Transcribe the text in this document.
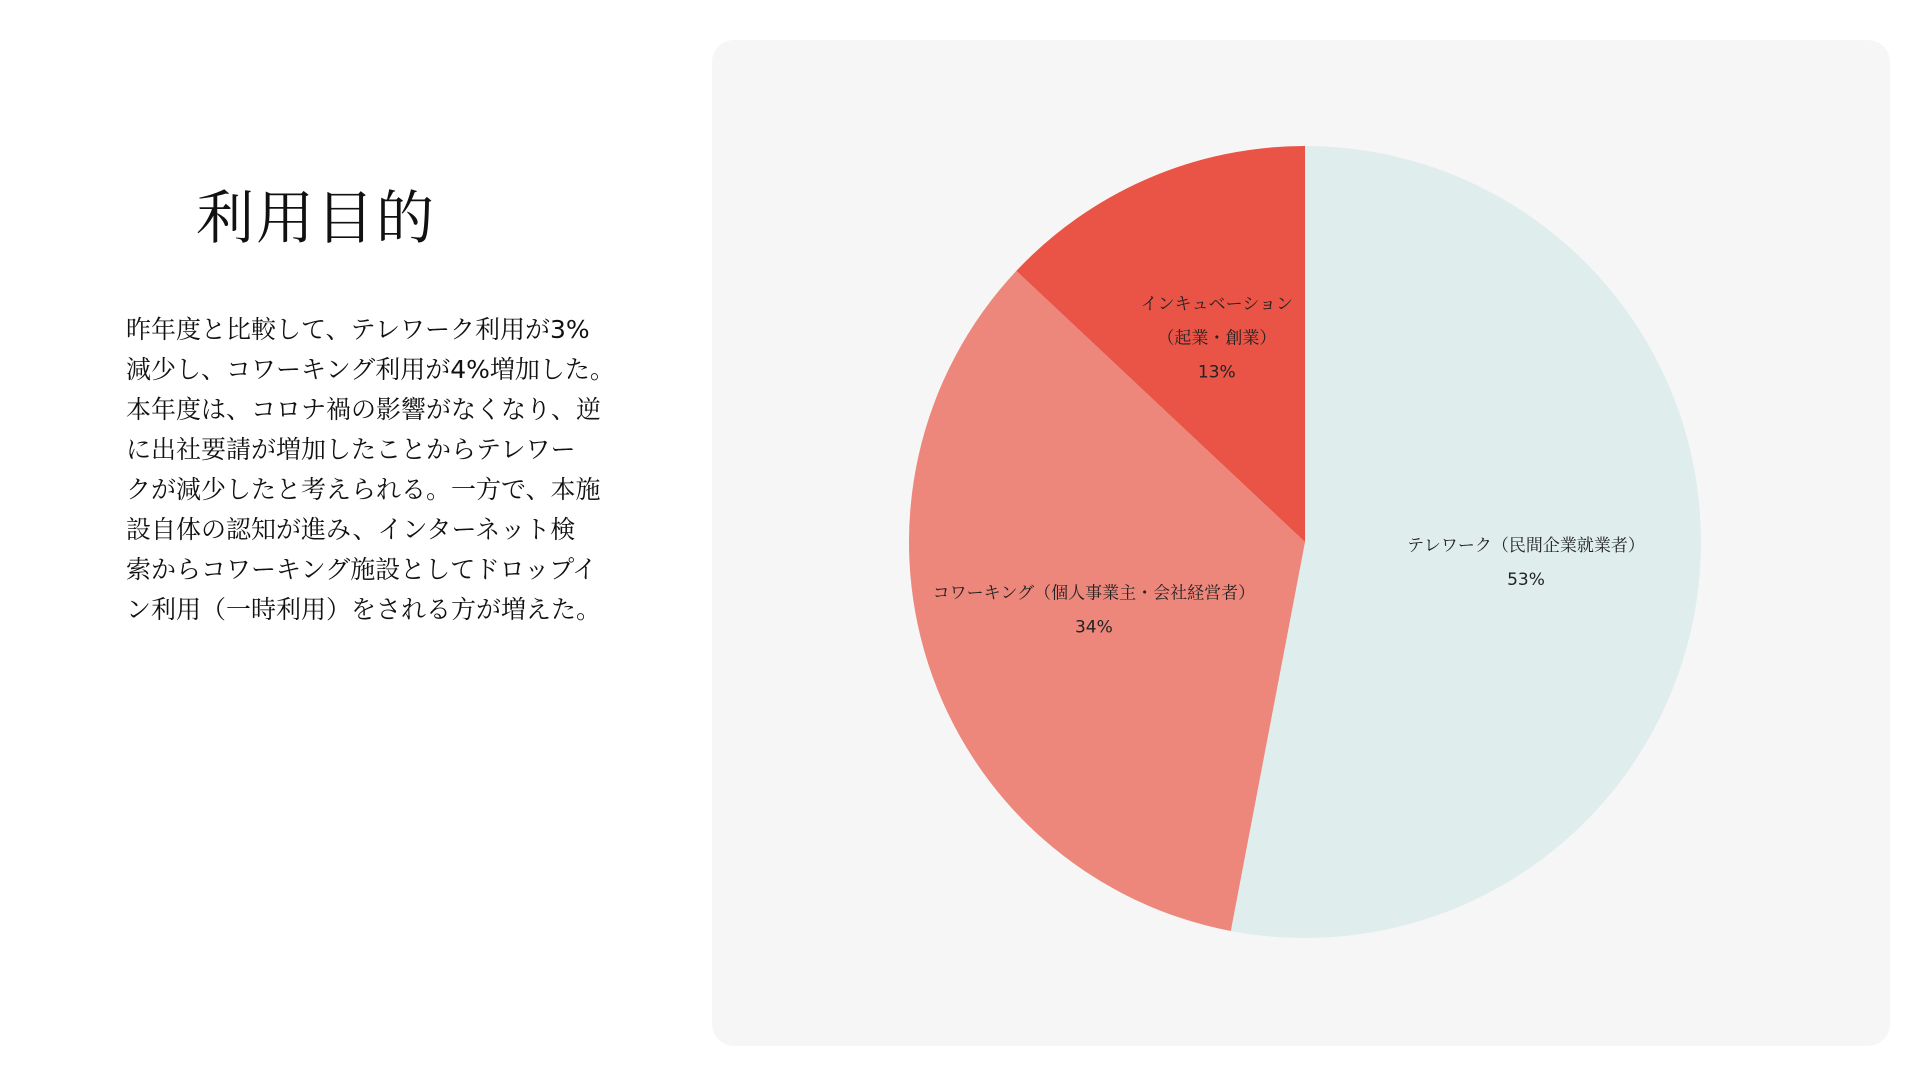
利用目的

昨年度と比較して、テレワーク利用が3%
減少し、コワーキング利用が4%増加した。
本年度は、コロナ禍の影響がなくなり、逆
に出社要請が増加したことからテレワー
クが減少したと考えられる。一方で、本施
設自体の認知が進み、インターネット検
索からコワーキング施設としてドロップイ
ン利用（一時利用）をされる方が増えた。

テレワーク（民間企業就業者）
53%
コワーキング（個人事業主・会社経営者）
34%
インキュベーション
（起業・創業）
13%
